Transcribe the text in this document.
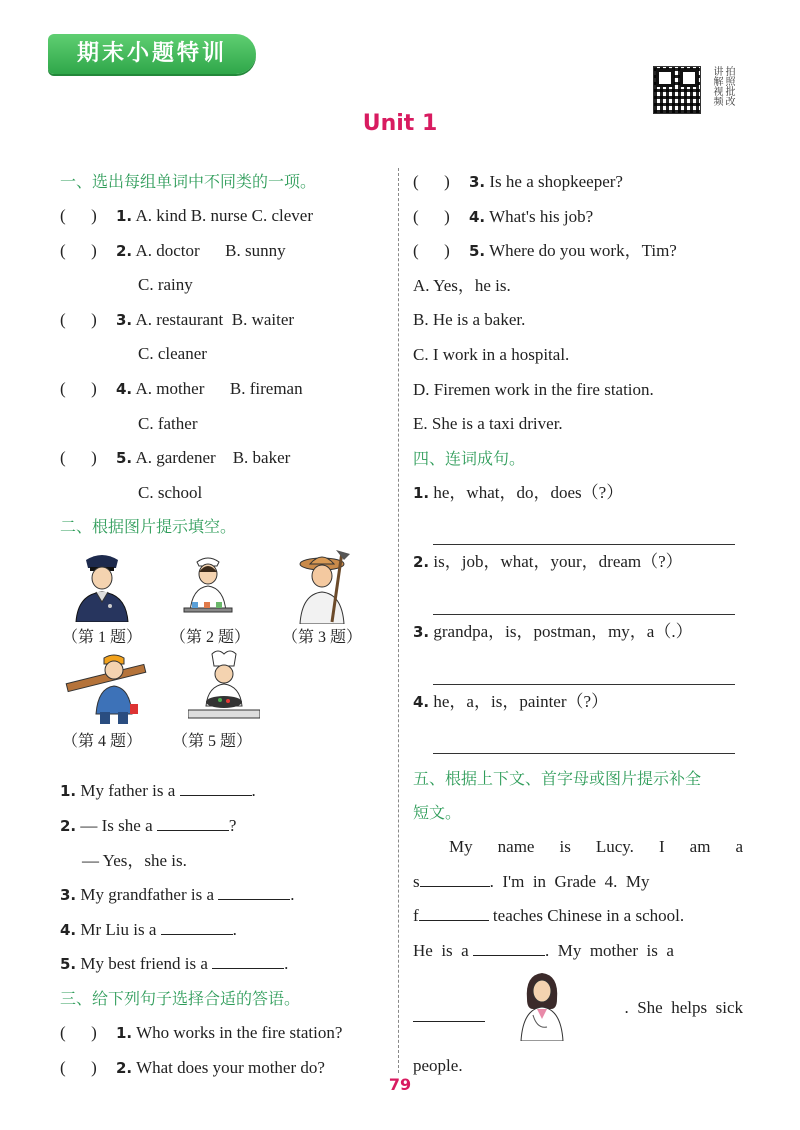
期末小题特训
拍照批改讲解视频
Unit 1
一、选出每组单词中不同类的一项。
(      ) 1. A. kind B. nurse C. clever
(      ) 2. A. doctor      B. sunny
C. rainy
(      ) 3. A. restaurant  B. waiter
C. cleaner
(      ) 4. A. mother      B. fireman
C. father
(      ) 5. A. gardener    B. baker
C. school
二、根据图片提示填空。
（第 1 题） （第 2 题） （第 3 题）
（第 4 题） （第 5 题）
1. My father is a	.
2. — Is she a	?
— Yes，she is.
3. My grandfather is a	.
4. Mr Liu is a	.
5. My best friend is a	.
三、给下列句子选择合适的答语。
(      ) 1. Who works in the fire station?
(      ) 2. What does your mother do?
(      ) 3. Is he a shopkeeper?
(      ) 4. What's his job?
(      ) 5. Where do you work，Tim?
A. Yes，he is.
B. He is a baker.
C. I work in a hospital.
D. Firemen work in the fire station.
E. She is a taxi driver.
四、连词成句。
1. he，what，do，does（?）
2. is，job，what，your，dream（?）
3. grandpa，is，postman，my，a（.）
4. he，a，is，painter（?）
五、根据上下文、首字母或图片提示补全
短文。
My name is Lucy. I am a
s	.  I'm  in  Grade  4.  My
f	teaches Chinese in a school.
He  is  a	.  My  mother  is  a
.  She  helps  sick
people.
79
